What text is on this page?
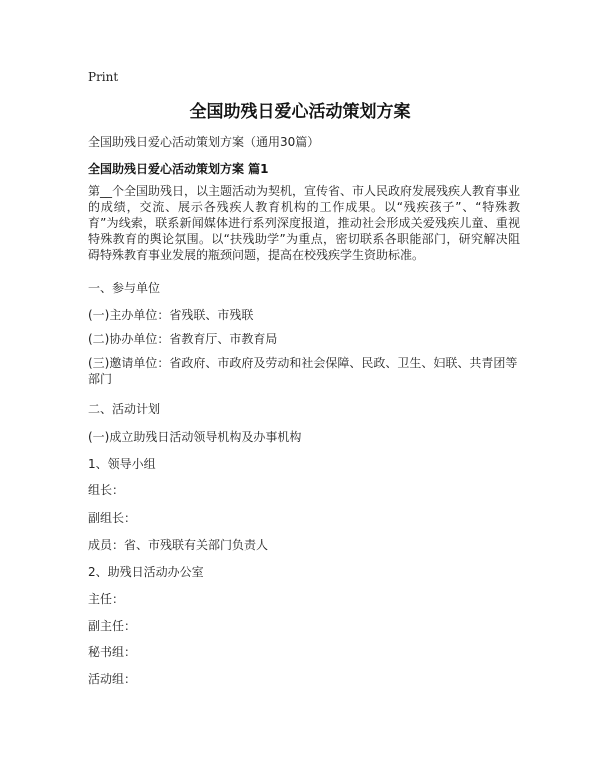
Print
全国助残日爱心活动策划方案
全国助残日爱心活动策划方案（通用30篇）
全国助残日爱心活动策划方案 篇1

第__个全国助残日，以主题活动为契机，宣传省、市人民政府发展残疾人教育事业的成绩，交流、展示各残疾人教育机构的工作成果。以“残疾孩子”、“特殊教育”为线索，联系新闻媒体进行系列深度报道，推动社会形成关爱残疾儿童、重视特殊教育的舆论氛围。以“扶残助学”为重点，密切联系各职能部门，研究解决阻碍特殊教育事业发展的瓶颈问题，提高在校残疾学生资助标准。

一、参与单位
(一)主办单位：省残联、市残联
(二)协办单位：省教育厅、市教育局
(三)邀请单位：省政府、市政府及劳动和社会保障、民政、卫生、妇联、共青团等部门
二、活动计划
(一)成立助残日活动领导机构及办事机构
1、领导小组
组长：
副组长：
成员：省、市残联有关部门负责人
2、助残日活动办公室
主任：
副主任：
秘书组：
活动组：
